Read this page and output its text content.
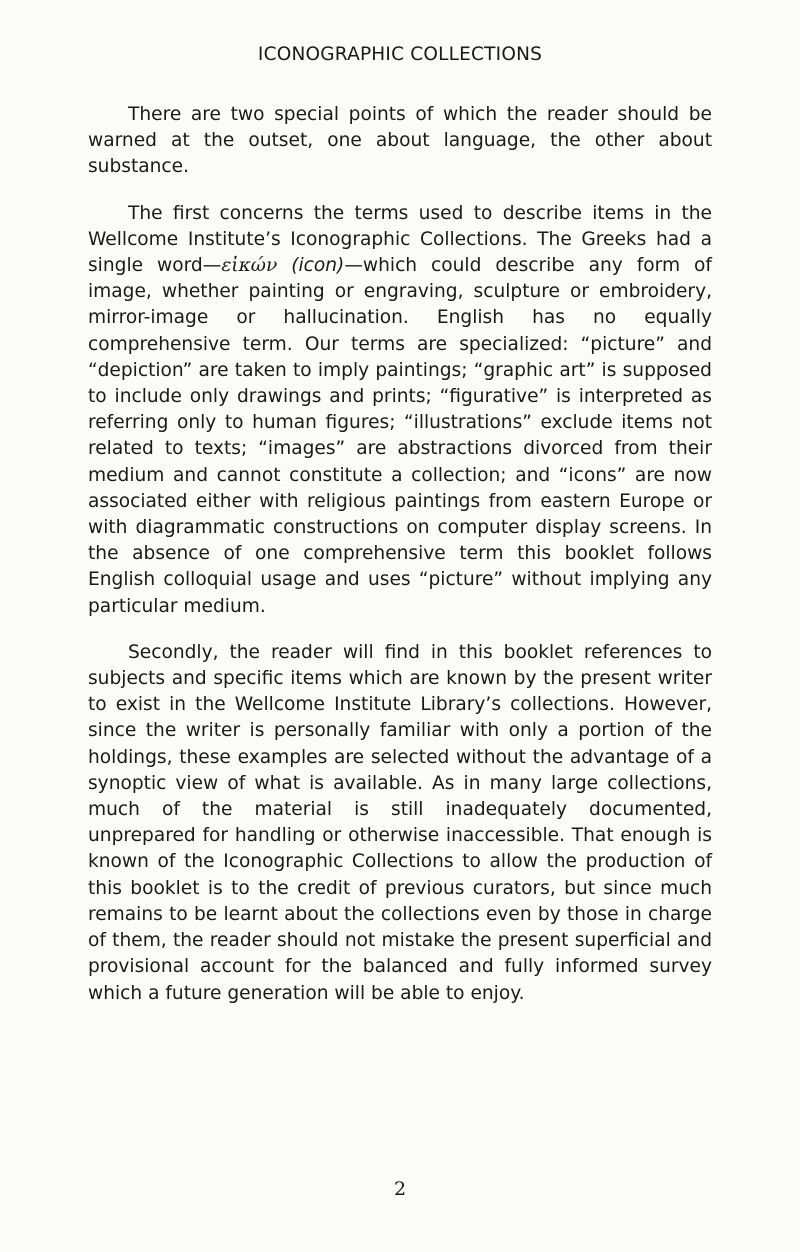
ICONOGRAPHIC COLLECTIONS

There are two special points of which the reader should be warned at the outset, one about language, the other about substance.

The first concerns the terms used to describe items in the Wellcome Institute’s Iconographic Collections. The Greeks had a single word—εἰκών (icon)—which could describe any form of image, whether painting or engraving, sculpture or embroidery, mirror-image or hallucination. English has no equally comprehensive term. Our terms are specialized: “picture” and “depiction” are taken to imply paintings; “graphic art” is supposed to include only drawings and prints; “figurative” is interpreted as referring only to human figures; “illustrations” exclude items not related to texts; “images” are abstractions divorced from their medium and cannot constitute a collection; and “icons” are now associated either with religious paintings from eastern Europe or with diagrammatic constructions on computer display screens. In the absence of one comprehensive term this booklet follows English colloquial usage and uses “picture” without implying any particular medium.

Secondly, the reader will find in this booklet references to subjects and specific items which are known by the present writer to exist in the Wellcome Institute Library’s collections. However, since the writer is personally familiar with only a portion of the holdings, these examples are selected without the advantage of a synoptic view of what is available. As in many large collections, much of the material is still inadequately documented, unprepared for handling or otherwise inaccessible. That enough is known of the Iconographic Collections to allow the production of this booklet is to the credit of previous curators, but since much remains to be learnt about the collections even by those in charge of them, the reader should not mistake the present superficial and provisional account for the balanced and fully informed survey which a future generation will be able to enjoy.

2
